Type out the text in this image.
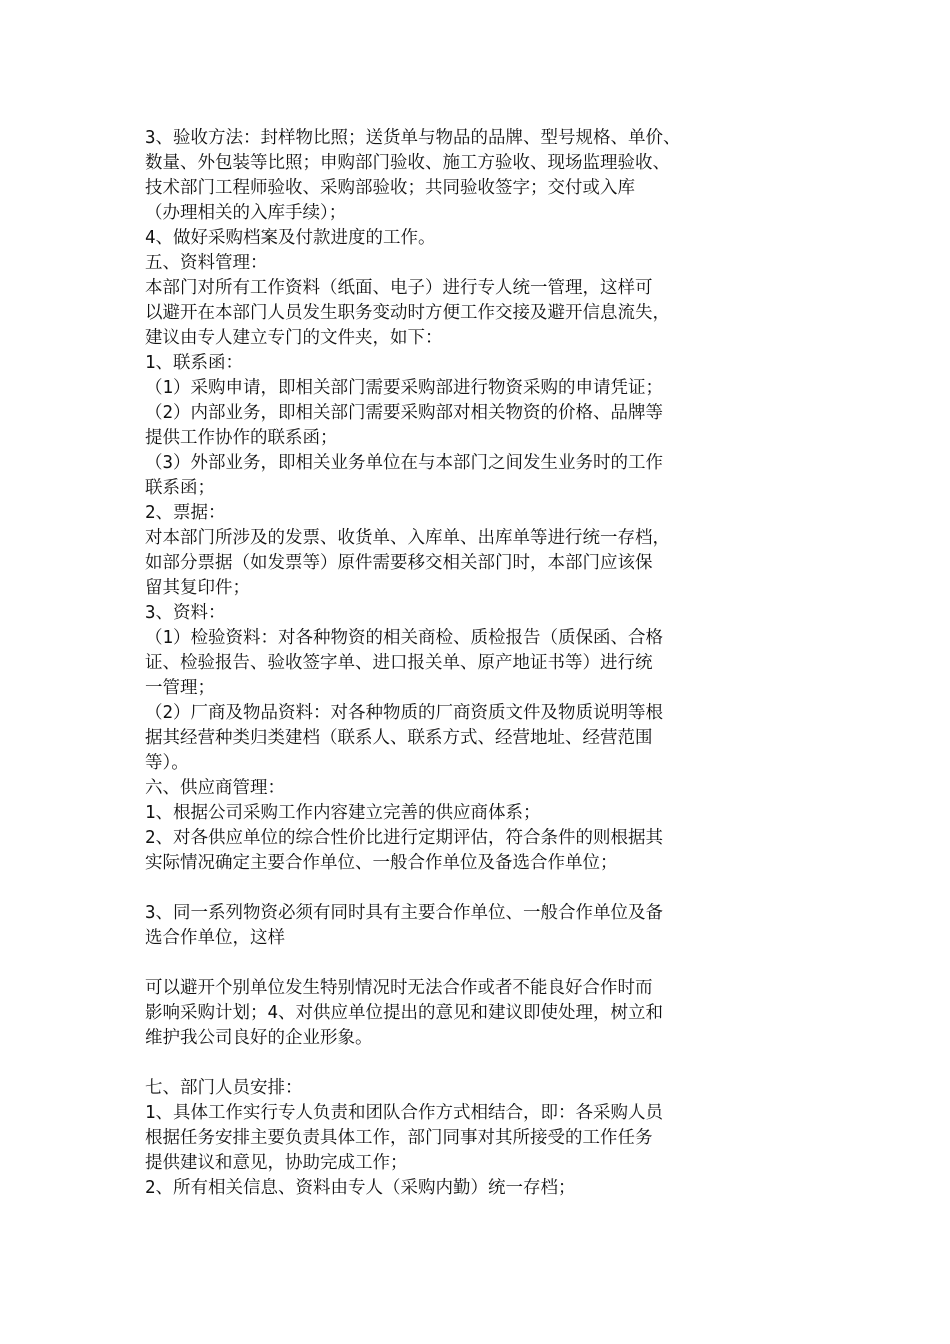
3、验收方法：封样物比照；送货单与物品的品牌、型号规格、单价、
数量、外包装等比照；申购部门验收、施工方验收、现场监理验收、
技术部门工程师验收、采购部验收；共同验收签字；交付或入库
（办理相关的入库手续）；
4、做好采购档案及付款进度的工作。
五、资料管理：
本部门对所有工作资料（纸面、电子）进行专人统一管理，这样可
以避开在本部门人员发生职务变动时方便工作交接及避开信息流失，
建议由专人建立专门的文件夹，如下：
1、联系函：
（1）采购申请，即相关部门需要采购部进行物资采购的申请凭证；
（2）内部业务，即相关部门需要采购部对相关物资的价格、品牌等
提供工作协作的联系函；
（3）外部业务，即相关业务单位在与本部门之间发生业务时的工作
联系函；
2、票据：
对本部门所涉及的发票、收货单、入库单、出库单等进行统一存档，
如部分票据（如发票等）原件需要移交相关部门时，本部门应该保
留其复印件；
3、资料：
（1）检验资料：对各种物资的相关商检、质检报告（质保函、合格
证、检验报告、验收签字单、进口报关单、原产地证书等）进行统
一管理；
（2）厂商及物品资料：对各种物质的厂商资质文件及物质说明等根
据其经营种类归类建档（联系人、联系方式、经营地址、经营范围
等）。
六、供应商管理：
1、根据公司采购工作内容建立完善的供应商体系；
2、对各供应单位的综合性价比进行定期评估，符合条件的则根据其
实际情况确定主要合作单位、一般合作单位及备选合作单位；
3、同一系列物资必须有同时具有主要合作单位、一般合作单位及备
选合作单位，这样
可以避开个别单位发生特别情况时无法合作或者不能良好合作时而
影响采购计划；4、对供应单位提出的意见和建议即使处理，树立和
维护我公司良好的企业形象。
七、部门人员安排：
1、具体工作实行专人负责和团队合作方式相结合，即：各采购人员
根据任务安排主要负责具体工作，部门同事对其所接受的工作任务
提供建议和意见，协助完成工作；
2、所有相关信息、资料由专人（采购内勤）统一存档；
